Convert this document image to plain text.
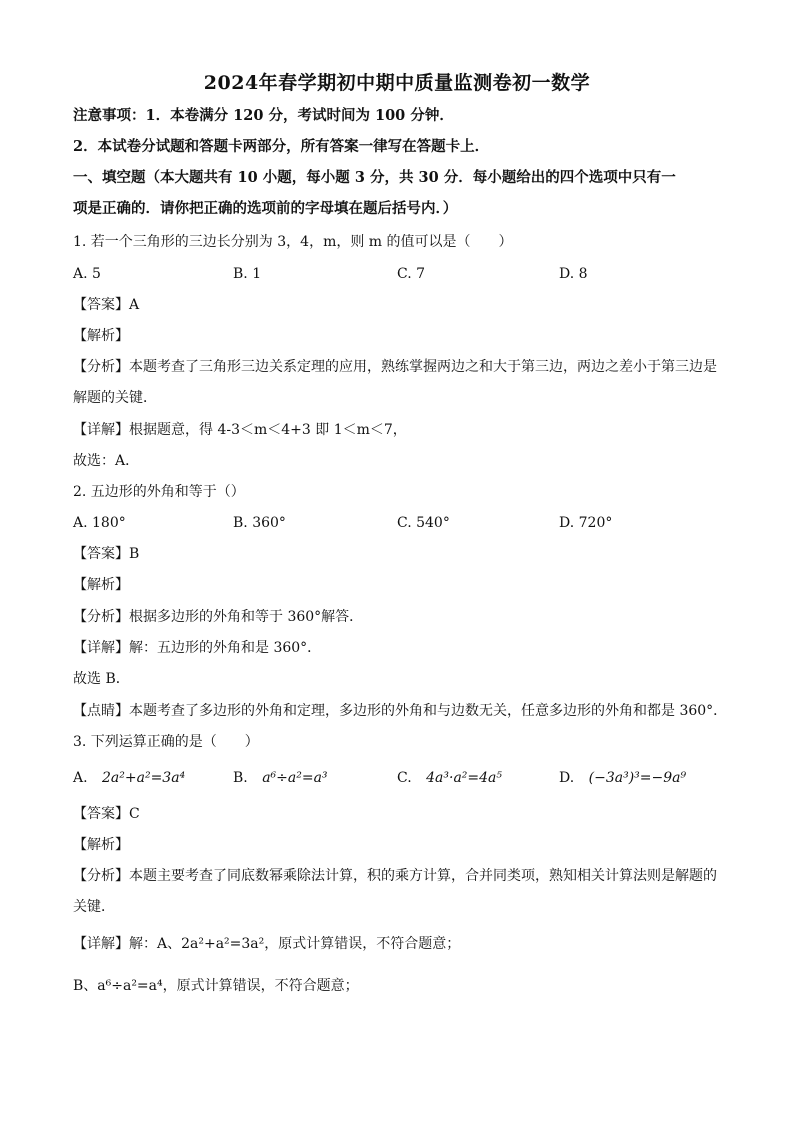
2024年春学期初中期中质量监测卷初一数学
注意事项：1．本卷满分 120 分，考试时间为 100 分钟．
2．本试卷分试题和答题卡两部分，所有答案一律写在答题卡上．
一、填空题（本大题共有 10 小题，每小题 3 分，共 30 分．每小题给出的四个选项中只有一
项是正确的．请你把正确的选项前的字母填在题后括号内．）
1. 若一个三角形的三边长分别为 3，4，m，则 m 的值可以是（　　）
A. 5	B. 1	C. 7	D. 8
【答案】A
【解析】
【分析】本题考查了三角形三边关系定理的应用，熟练掌握两边之和大于第三边，两边之差小于第三边是
解题的关键．
【详解】根据题意，得 4-3＜m＜4+3 即 1＜m＜7，
故选：A．
2. 五边形的外角和等于（）
A. 180°	B. 360°	C. 540°	D. 720°
【答案】B
【解析】
【分析】根据多边形的外角和等于 360°解答．
【详解】解：五边形的外角和是 360°．
故选 B．
【点睛】本题考查了多边形的外角和定理，多边形的外角和与边数无关，任意多边形的外角和都是 360°．
3. 下列运算正确的是（　　）
A. 2a²+a²=3a⁴	B. a⁶÷a²=a³	C. 4a³·a²=4a⁵	D. (−3a³)³=−9a⁹
【答案】C
【解析】
【分析】本题主要考查了同底数幂乘除法计算，积的乘方计算，合并同类项，熟知相关计算法则是解题的
关键．
【详解】解：A、2a²+a²=3a²，原式计算错误，不符合题意；
B、a⁶÷a²=a⁴，原式计算错误，不符合题意；
